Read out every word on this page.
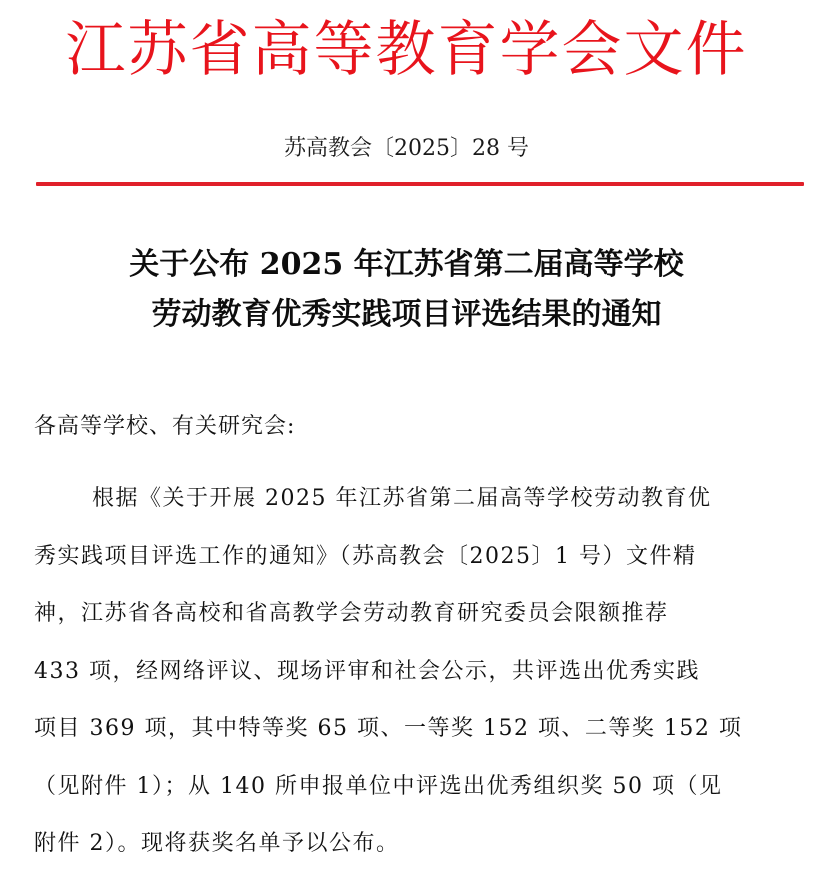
江苏省高等教育学会文件
苏高教会〔2025〕28 号
关于公布 2025 年江苏省第二届高等学校
劳动教育优秀实践项目评选结果的通知
各高等学校、有关研究会:
根据《关于开展 2025 年江苏省第二届高等学校劳动教育优
秀实践项目评选工作的通知》（苏高教会〔2025〕1 号）文件精
神，江苏省各高校和省高教学会劳动教育研究委员会限额推荐
433 项，经网络评议、现场评审和社会公示，共评选出优秀实践
项目 369 项，其中特等奖 65 项、一等奖 152 项、二等奖 152 项
（见附件 1）；从 140 所申报单位中评选出优秀组织奖 50 项（见
附件 2）。现将获奖名单予以公布。
